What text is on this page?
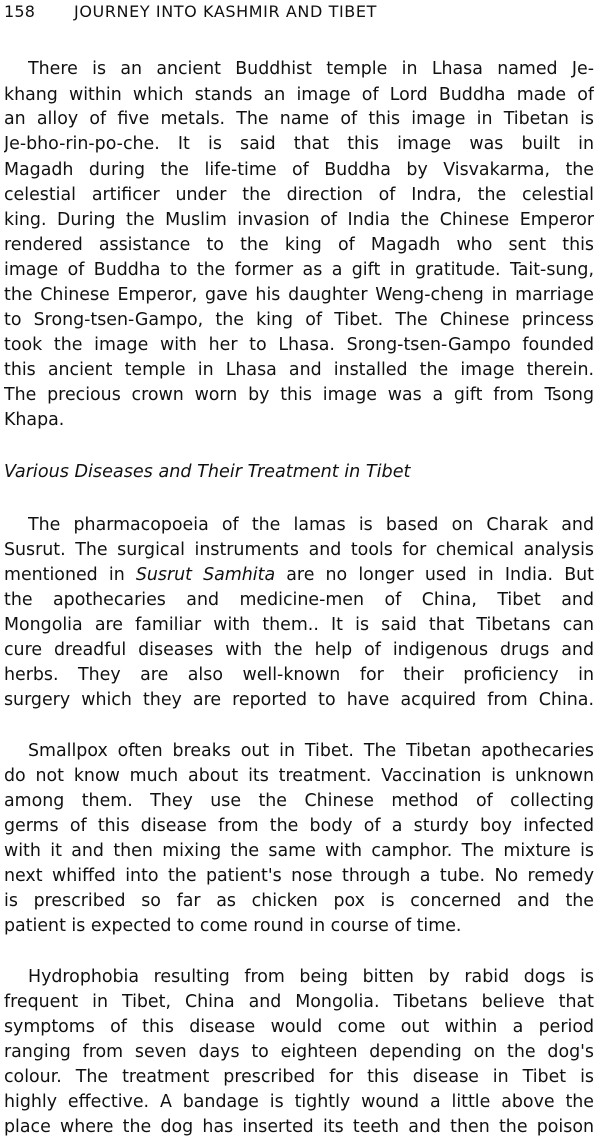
158 JOURNEY INTO KASHMIR AND TIBET
There is an ancient Buddhist temple in Lhasa named Je-
khang within which stands an image of Lord Buddha made of
an alloy of five metals. The name of this image in Tibetan is
Je-bho-rin-po-che. It is said that this image was built in
Magadh during the life-time of Buddha by Visvakarma, the
celestial artificer under the direction of Indra, the celestial
king. During the Muslim invasion of India the Chinese Emperor
rendered assistance to the king of Magadh who sent this
image of Buddha to the former as a gift in gratitude. Tait-sung,
the Chinese Emperor, gave his daughter Weng-cheng in marriage
to Srong-tsen-Gampo, the king of Tibet. The Chinese princess
took the image with her to Lhasa. Srong-tsen-Gampo founded
this ancient temple in Lhasa and installed the image therein.
The precious crown worn by this image was a gift from Tsong
Khapa.
Various Diseases and Their Treatment in Tibet
The pharmacopoeia of the lamas is based on Charak and
Susrut. The surgical instruments and tools for chemical analysis
mentioned in Susrut Samhita are no longer used in India. But
the apothecaries and medicine-men of China, Tibet and
Mongolia are familiar with them.. It is said that Tibetans can
cure dreadful diseases with the help of indigenous drugs and
herbs. They are also well-known for their proficiency in
surgery which they are reported to have acquired from China.
Smallpox often breaks out in Tibet. The Tibetan apothecaries
do not know much about its treatment. Vaccination is unknown
among them. They use the Chinese method of collecting
germs of this disease from the body of a sturdy boy infected
with it and then mixing the same with camphor. The mixture is
next whiffed into the patient's nose through a tube. No remedy
is prescribed so far as chicken pox is concerned and the
patient is expected to come round in course of time.
Hydrophobia resulting from being bitten by rabid dogs is
frequent in Tibet, China and Mongolia. Tibetans believe that
symptoms of this disease would come out within a period
ranging from seven days to eighteen depending on the dog's
colour. The treatment prescribed for this disease in Tibet is
highly effective. A bandage is tightly wound a little above the
place where the dog has inserted its teeth and then the poison
